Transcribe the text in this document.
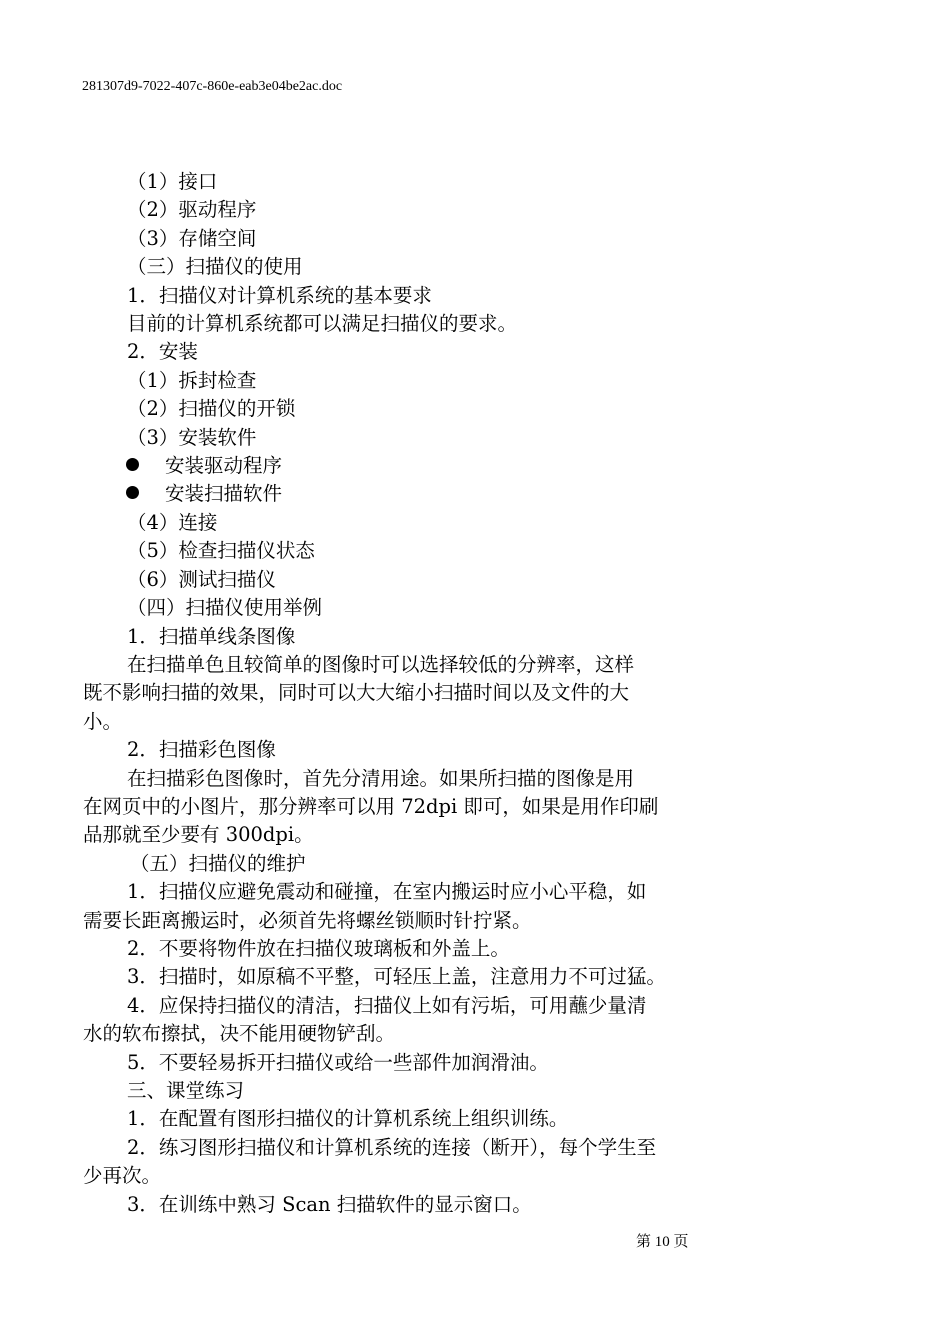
281307d9-7022-407c-860e-eab3e04be2ac.doc
（1）接口
（2）驱动程序
（3）存储空间
（三）扫描仪的使用
1．扫描仪对计算机系统的基本要求
目前的计算机系统都可以满足扫描仪的要求。
2．安装
（1）拆封检查
（2）扫描仪的开锁
（3）安装软件
安装驱动程序
安装扫描软件
（4）连接
（5）检查扫描仪状态
（6）测试扫描仪
（四）扫描仪使用举例
1．扫描单线条图像
在扫描单色且较简单的图像时可以选择较低的分辨率，这样
既不影响扫描的效果，同时可以大大缩小扫描时间以及文件的大
小。
2．扫描彩色图像
在扫描彩色图像时，首先分清用途。如果所扫描的图像是用
在网页中的小图片，那分辨率可以用 72dpi 即可，如果是用作印刷
品那就至少要有 300dpi。
（五）扫描仪的维护
1．扫描仪应避免震动和碰撞，在室内搬运时应小心平稳，如
需要长距离搬运时，必须首先将螺丝锁顺时针拧紧。
2．不要将物件放在扫描仪玻璃板和外盖上。
3．扫描时，如原稿不平整，可轻压上盖，注意用力不可过猛。
4．应保持扫描仪的清洁，扫描仪上如有污垢，可用蘸少量清
水的软布擦拭，决不能用硬物铲刮。
5．不要轻易拆开扫描仪或给一些部件加润滑油。
三、课堂练习
1．在配置有图形扫描仪的计算机系统上组织训练。
2．练习图形扫描仪和计算机系统的连接（断开），每个学生至
少再次。
3．在训练中熟习 Scan 扫描软件的显示窗口。
第 10 页
